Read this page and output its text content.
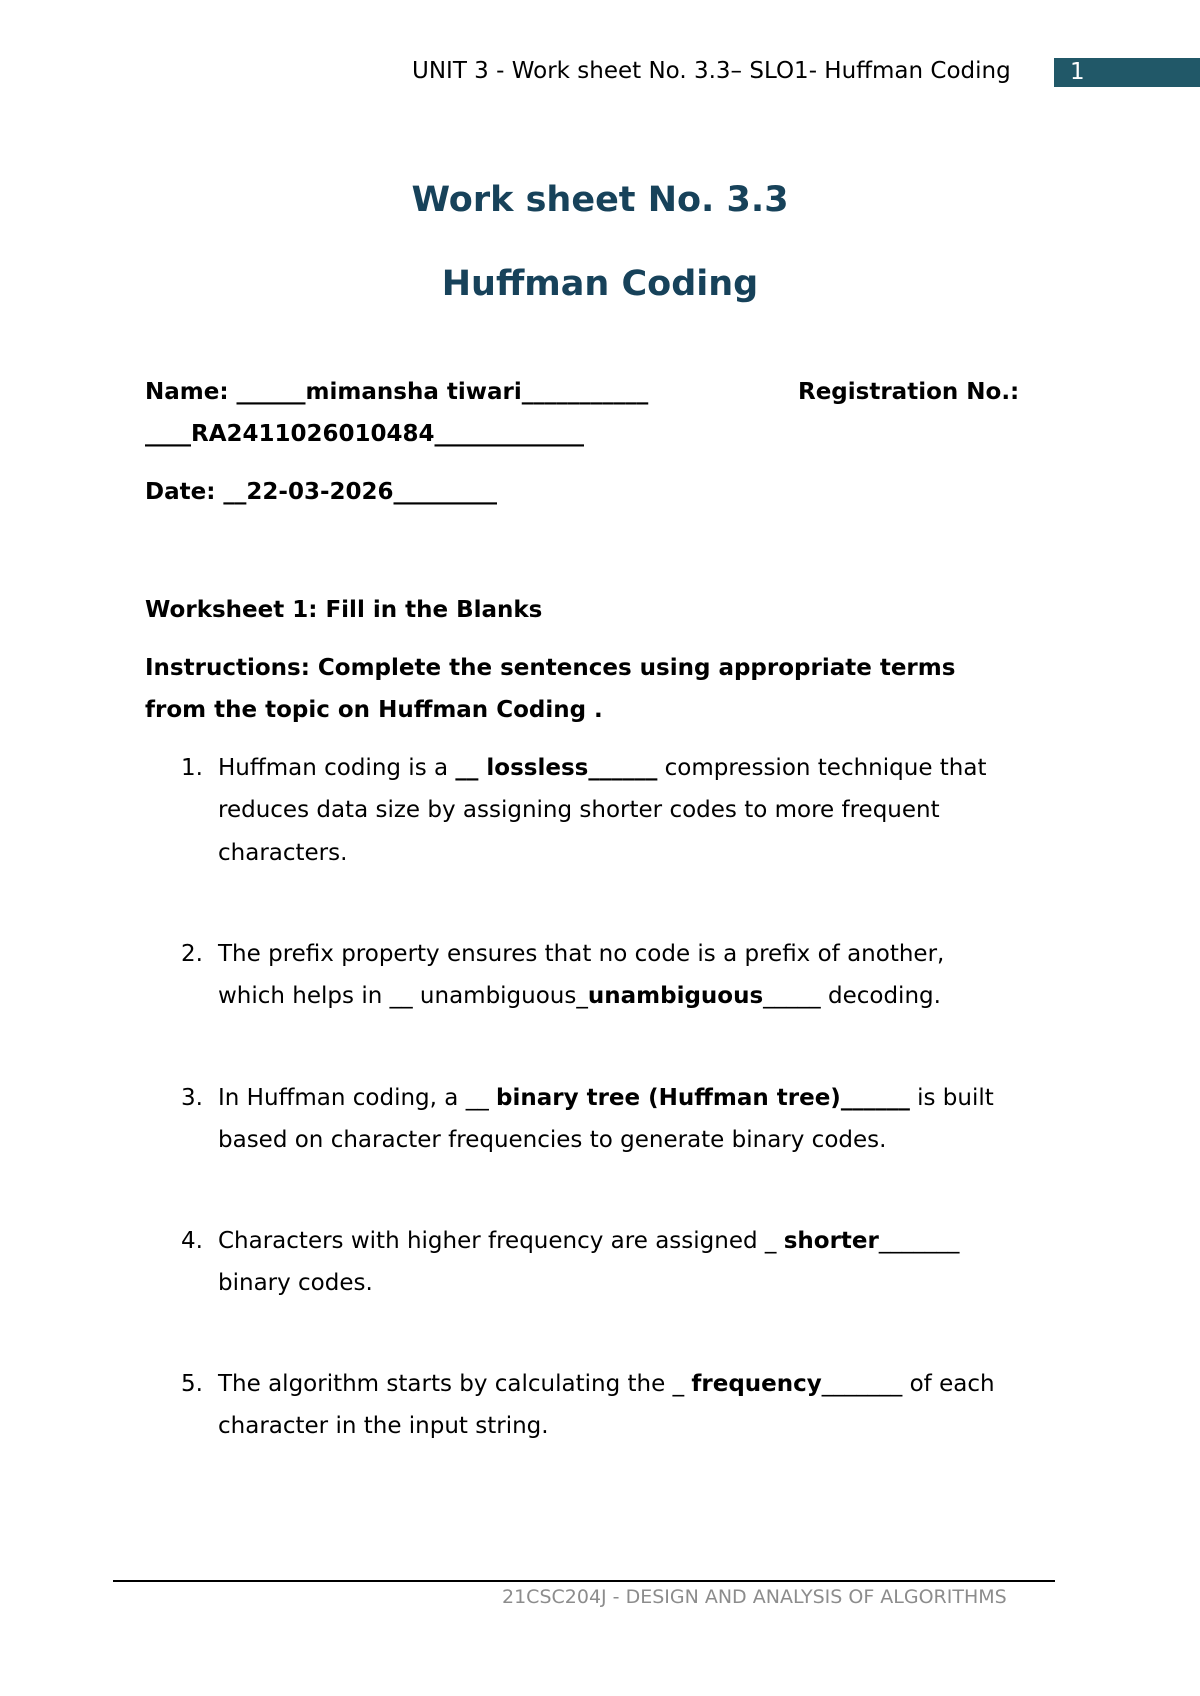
UNIT 3 - Work sheet No. 3.3– SLO1- Huffman Coding	1
Work sheet No. 3.3
Huffman Coding
Name: ______mimansha tiwari___________	Registration No.:
____RA2411026010484_____________
Date: __22-03-2026_________
Worksheet 1: Fill in the Blanks
Instructions: Complete the sentences using appropriate terms
from the topic on Huffman Coding .
1. Huffman coding is a __ lossless______ compression technique that
reduces data size by assigning shorter codes to more frequent
characters.
2. The prefix property ensures that no code is a prefix of another,
which helps in __ unambiguous_unambiguous_____ decoding.
3. In Huffman coding, a __ binary tree (Huffman tree)______ is built
based on character frequencies to generate binary codes.
4. Characters with higher frequency are assigned _ shorter_______
binary codes.
5. The algorithm starts by calculating the _ frequency_______ of each
character in the input string.
21CSC204J - DESIGN AND ANALYSIS OF ALGORITHMS
